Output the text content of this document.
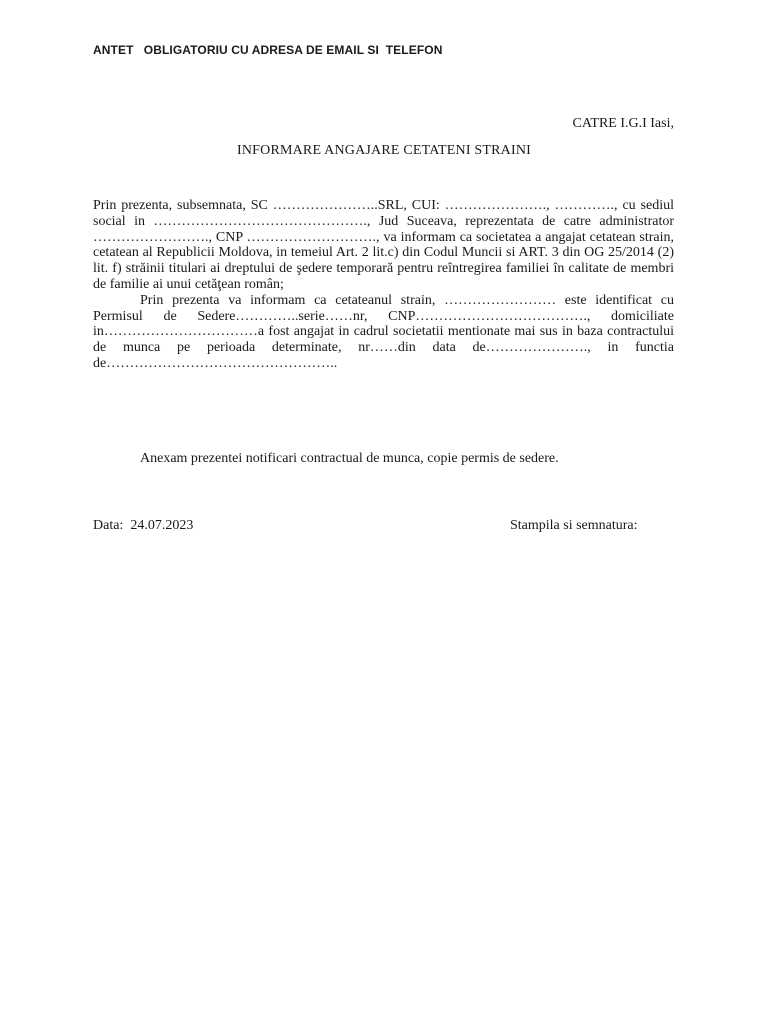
ANTET   OBLIGATORIU CU ADRESA DE EMAIL SI  TELEFON
CATRE I.G.I Iasi,
INFORMARE ANGAJARE CETATENI STRAINI

Prin prezenta, subsemnata, SC …………………..SRL, CUI: …………………., …………., cu sediul social in ………………………………………., Jud Suceava, reprezentata de catre administrator ……………………., CNP ………………………., va informam ca societatea a angajat cetatean strain, cetatean al Republicii Moldova, in temeiul Art. 2 lit.c) din Codul Muncii si ART. 3 din OG 25/2014 (2) lit. f) străinii titulari ai dreptului de şedere temporară pentru reîntregirea familiei în calitate de membri de familie ai unui cetăţean român;

Prin prezenta va informam ca cetateanul strain, …………………… este identificat cu Permisul de Sedere…………..serie……nr, CNP………………………………., domiciliate in……………………………a fost angajat in cadrul societatii mentionate mai sus in baza contractului de munca pe perioada determinate, nr……din data de…………………., in functia de…………………………………………..

Anexam prezentei notificari contractual de munca, copie permis de sedere.
Data: 24.07.2023	Stampila si semnatura:
